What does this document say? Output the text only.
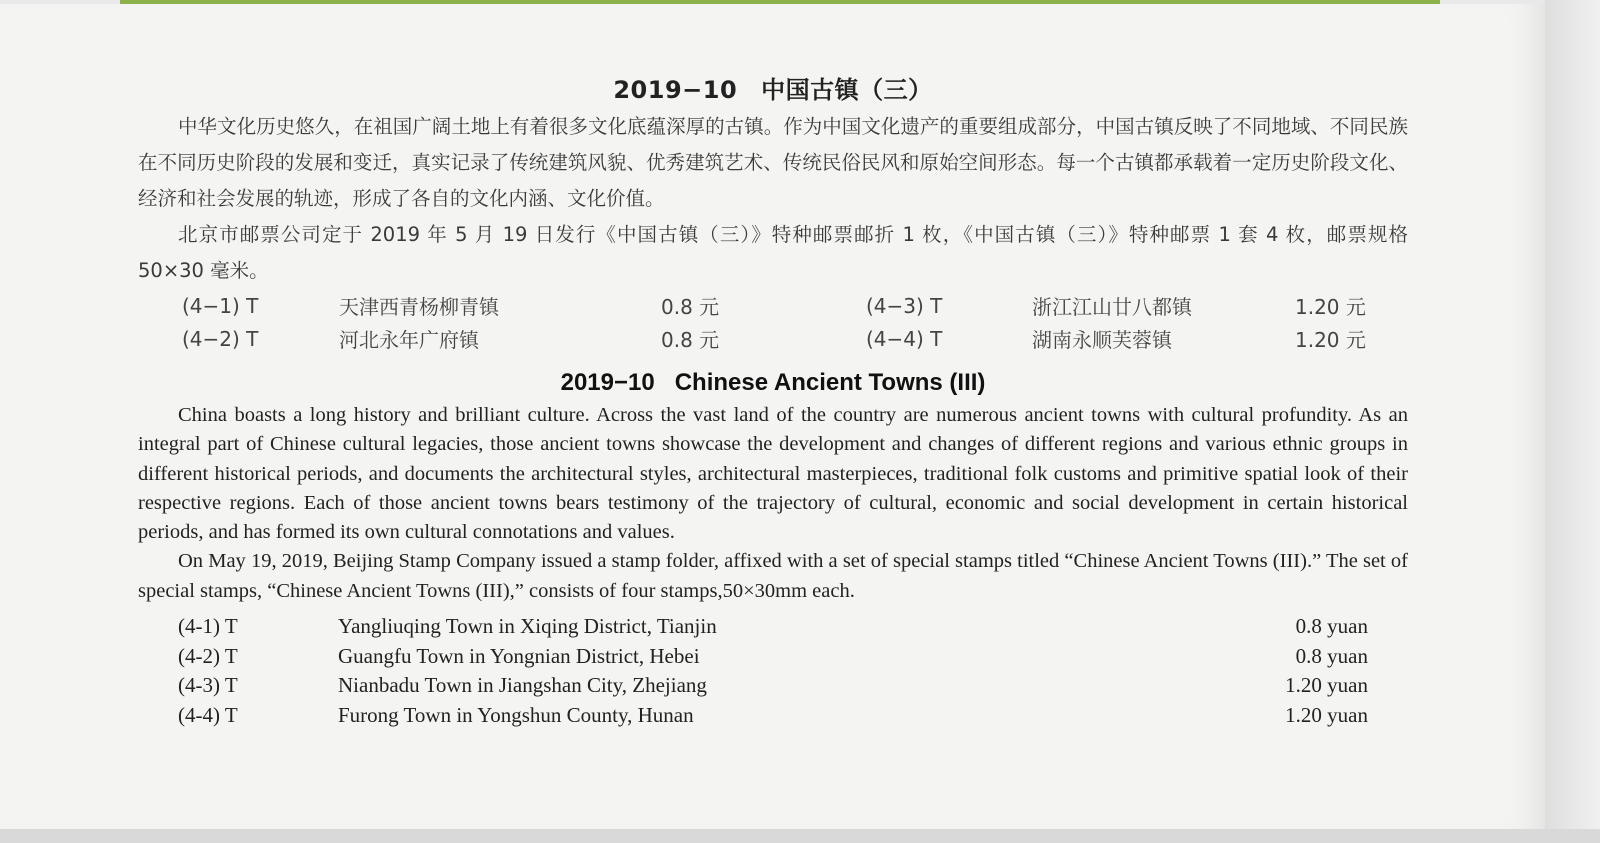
2019−10 中国古镇（三）

中华文化历史悠久，在祖国广阔土地上有着很多文化底蕴深厚的古镇。作为中国文化遗产的重要组成部分，中国古镇反映了不同地域、不同民族在不同历史阶段的发展和变迁，真实记录了传统建筑风貌、优秀建筑艺术、传统民俗民风和原始空间形态。每一个古镇都承载着一定历史阶段文化、经济和社会发展的轨迹，形成了各自的文化内涵、文化价值。

北京市邮票公司定于 2019 年 5 月 19 日发行《中国古镇（三）》特种邮票邮折 1 枚，《中国古镇（三）》特种邮票 1 套 4 枚，邮票规格 50×30 毫米。

	(4−1) T	天津西青杨柳青镇	0.8 元	(4−3) T	浙江江山廿八都镇	1.20 元
	(4−2) T	河北永年广府镇	0.8 元	(4−4) T	湖南永顺芙蓉镇	1.20 元
2019−10 Chinese Ancient Towns (III)

China boasts a long history and brilliant culture. Across the vast land of the country are numerous ancient towns with cultural profundity. As an integral part of Chinese cultural legacies, those ancient towns showcase the development and changes of different regions and various ethnic groups in different historical periods, and documents the architectural styles, architectural masterpieces, traditional folk customs and primitive spatial look of their respective regions. Each of those ancient towns bears testimony of the trajectory of cultural, economic and social development in certain historical periods, and has formed its own cultural connotations and values.

On May 19, 2019, Beijing Stamp Company issued a stamp folder, affixed with a set of special stamps titled “Chinese Ancient Towns (III).” The set of special stamps, “Chinese Ancient Towns (III),” consists of four stamps,50×30mm each.

	(4-1) T	Yangliuqing Town in Xiqing District, Tianjin	0.8 yuan
	(4-2) T	Guangfu Town in Yongnian District, Hebei	0.8 yuan
	(4-3) T	Nianbadu Town in Jiangshan City, Zhejiang	1.20 yuan
	(4-4) T	Furong Town in Yongshun County, Hunan	1.20 yuan
